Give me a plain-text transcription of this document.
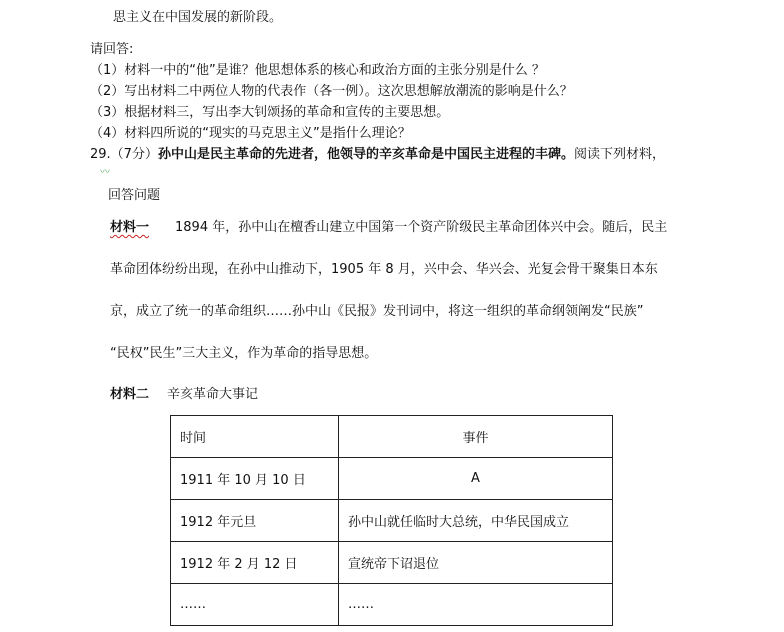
思主义在中国发展的新阶段。
请回答:
（1）材料一中的“他”是谁？他思想体系的核心和政治方面的主张分别是什么 ？
（2）写出材料二中两位人物的代表作（各一例）。这次思想解放潮流的影响是什么？
（3）根据材料三，写出李大钊颂扬的革命和宣传的主要思想。
（4）材料四所说的“现实的马克思主义”是指什么理论？
29.（7分）孙中山是民主革命的先进者，他领导的辛亥革命是中国民主进程的丰碑。阅读下列材料，
〰
回答问题
材料一 1894 年，孙中山在檀香山建立中国第一个资产阶级民主革命团体兴中会。随后，民主
革命团体纷纷出现，在孙中山推动下，1905 年 8 月，兴中会、华兴会、光复会骨干聚集日本东
京，成立了统一的革命组织……孙中山《民报》发刊词中，将这一组织的革命纲领阐发“民族”
“民权”民生”三大主义，作为革命的指导思想。
材料二 辛亥革命大事记
时间	事件
1911 年 10 月 10 日	A
1912 年元旦	孙中山就任临时大总统，中华民国成立
1912 年 2 月 12 日	宣统帝下诏退位
……	……
